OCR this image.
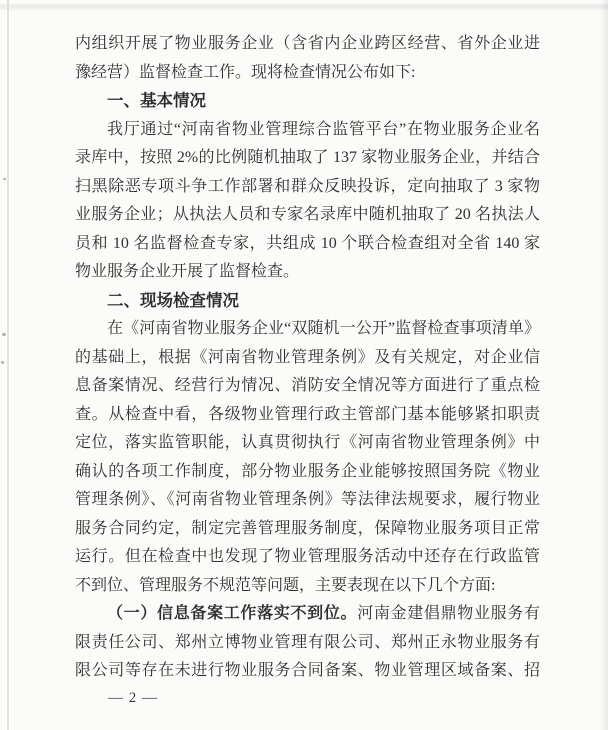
内组织开展了物业服务企业（含省内企业跨区经营、省外企业进

豫经营）监督检查工作。现将检查情况公布如下:

一、基本情况

我厅通过“河南省物业管理综合监管平台”在物业服务企业名

录库中，按照 2%的比例随机抽取了 137 家物业服务企业，并结合

扫黑除恶专项斗争工作部署和群众反映投诉，定向抽取了 3 家物

业服务企业；从执法人员和专家名录库中随机抽取了 20 名执法人

员和 10 名监督检查专家，共组成 10 个联合检查组对全省 140 家

物业服务企业开展了监督检查。

二、现场检查情况

在《河南省物业服务企业“双随机一公开”监督检查事项清单》

的基础上，根据《河南省物业管理条例》及有关规定，对企业信

息备案情况、经营行为情况、消防安全情况等方面进行了重点检

查。从检查中看，各级物业管理行政主管部门基本能够紧扣职责

定位，落实监管职能，认真贯彻执行《河南省物业管理条例》中

确认的各项工作制度，部分物业服务企业能够按照国务院《物业

管理条例》、《河南省物业管理条例》等法律法规要求，履行物业

服务合同约定，制定完善管理服务制度，保障物业服务项目正常

运行。但在检查中也发现了物业管理服务活动中还存在行政监管

不到位、管理服务不规范等问题，主要表现在以下几个方面:

（一）信息备案工作落实不到位。河南金建倡鼎物业服务有

限责任公司、郑州立博物业管理有限公司、郑州正永物业服务有

限公司等存在未进行物业服务合同备案、物业管理区域备案、招

— 2 —
